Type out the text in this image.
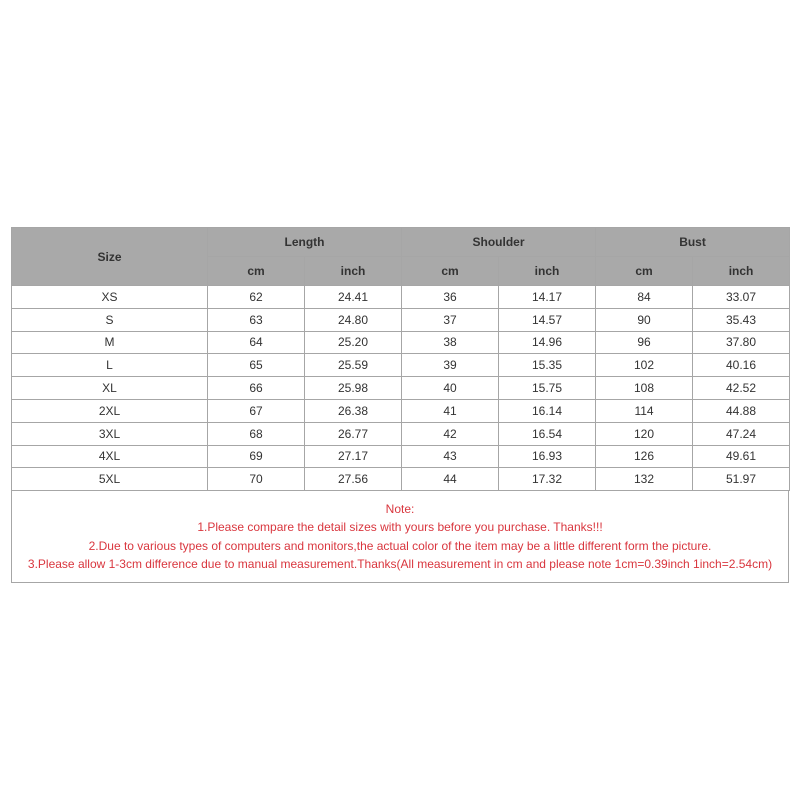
Size	Length		Shoulder		Bust	
	cm	inch	cm	inch	cm	inch
XS	62	24.41	36	14.17	84	33.07
S	63	24.80	37	14.57	90	35.43
M	64	25.20	38	14.96	96	37.80
L	65	25.59	39	15.35	102	40.16
XL	66	25.98	40	15.75	108	42.52
2XL	67	26.38	41	16.14	114	44.88
3XL	68	26.77	42	16.54	120	47.24
4XL	69	27.17	43	16.93	126	49.61
5XL	70	27.56	44	17.32	132	51.97
Note:
1.Please compare the detail sizes with yours before you purchase. Thanks!!!
2.Due to various types of computers and monitors,the actual color of the item may be a little different form the picture.
3.Please allow 1-3cm difference due to manual measurement.Thanks(All measurement in cm and please note 1cm=0.39inch 1inch=2.54cm)
